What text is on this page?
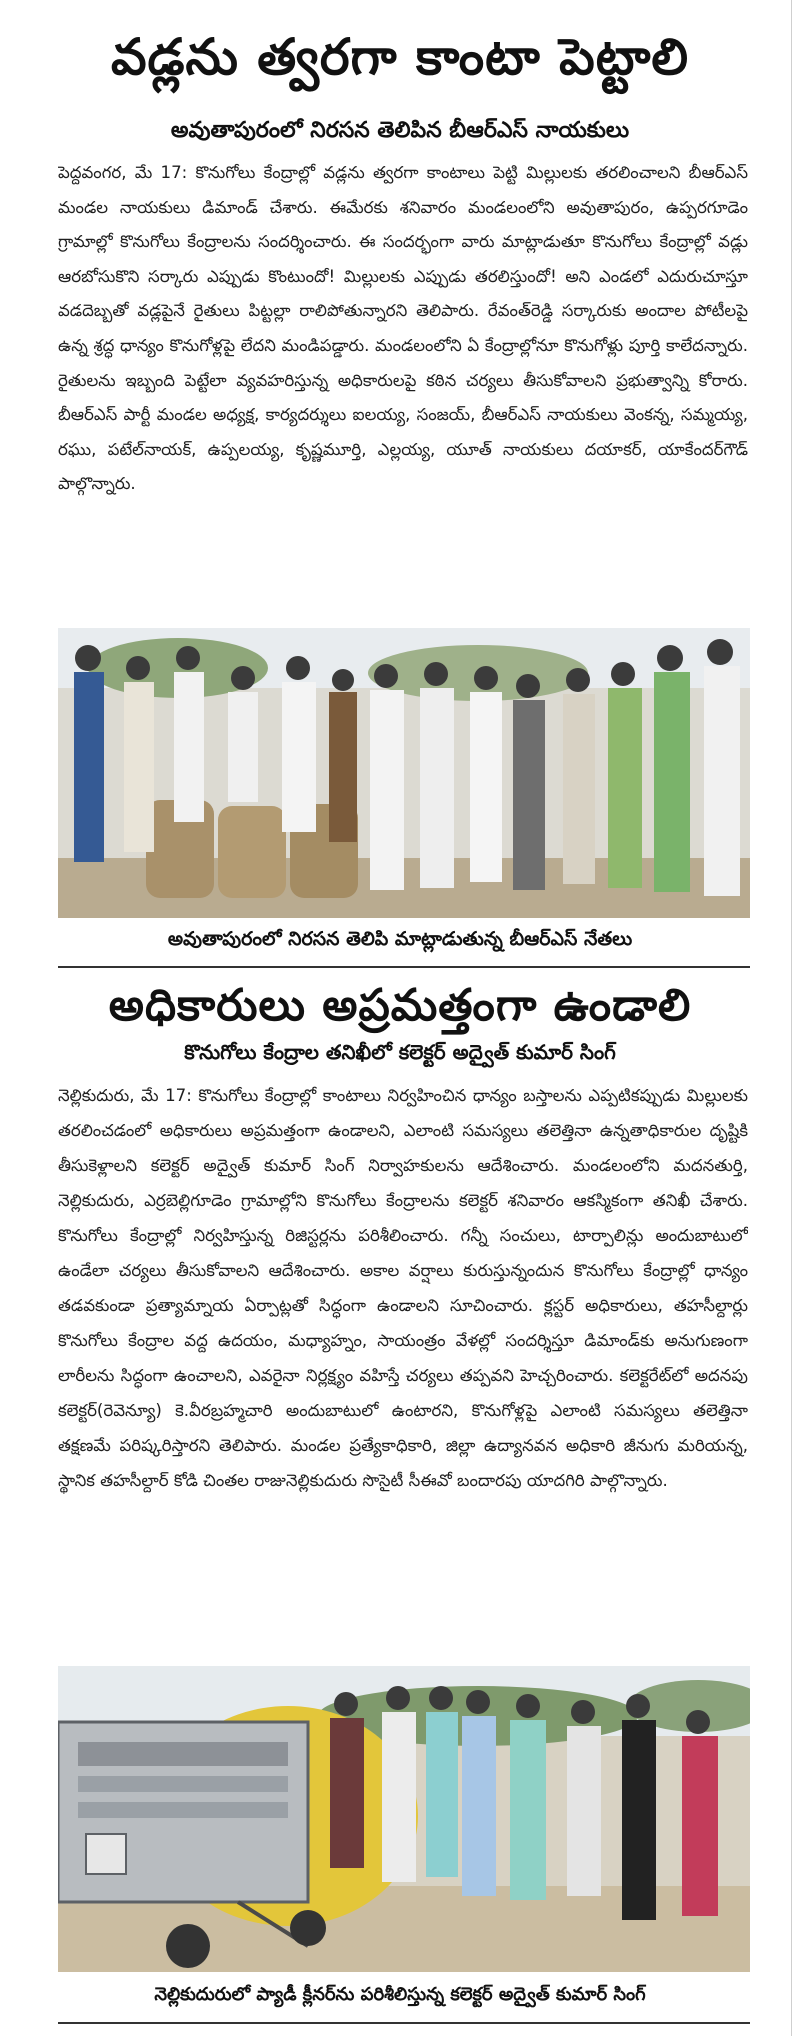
వడ్లను త్వరగా కాంటా పెట్టాలి
అవుతాపురంలో నిరసన తెలిపిన బీఆర్ఎస్ నాయకులు

పెద్దవంగర, మే 17: కొనుగోలు కేంద్రాల్లో వడ్లను త్వరగా కాంటాలు పెట్టి మిల్లులకు తరలించాలని బీఆర్ఎస్ మండల నాయకులు డిమాండ్ చేశారు. ఈమేరకు శనివారం మండలంలోని అవుతాపురం, ఉప్పరగూడెం గ్రామాల్లో కొనుగోలు కేంద్రాలను సందర్శించారు. ఈ సందర్భంగా వారు మాట్లాడుతూ కొనుగోలు కేంద్రాల్లో వడ్లు ఆరబోసుకొని సర్కారు ఎప్పుడు కొంటుందో! మిల్లులకు ఎప్పుడు తరలిస్తుందో! అని ఎండలో ఎదురుచూస్తూ వడదెబ్బతో వడ్లపైనే రైతులు పిట్టల్లా రాలిపోతున్నారని తెలిపారు. రేవంత్‌రెడ్డి సర్కారుకు అందాల పోటీలపై ఉన్న శ్రద్ధ ధాన్యం కొనుగోళ్లపై లేదని మండిపడ్డారు. మండలంలోని ఏ కేంద్రాల్లోనూ కొనుగోళ్లు పూర్తి కాలేదన్నారు. రైతులను ఇబ్బంది పెట్టేలా వ్యవహరిస్తున్న అధికారులపై కఠిన చర్యలు తీసుకోవాలని ప్రభుత్వాన్ని కోరారు. బీఆర్ఎస్ పార్టీ మండల అధ్యక్ష, కార్యదర్శులు ఐలయ్య, సంజయ్, బీఆర్ఎస్ నాయకులు వెంకన్న, సమ్మయ్య, రఘు, పటేల్‌నాయక్, ఉప్పలయ్య, కృష్ణమూర్తి, ఎల్లయ్య, యూత్ నాయకులు దయాకర్, యాకేందర్‌గౌడ్ పాల్గొన్నారు.

అవుతాపురంలో నిరసన తెలిపి మాట్లాడుతున్న బీఆర్ఎస్ నేతలు
అధికారులు అప్రమత్తంగా ఉండాలి
కొనుగోలు కేంద్రాల తనిఖీలో కలెక్టర్ అద్వైత్ కుమార్ సింగ్

నెల్లికుదురు, మే 17: కొనుగోలు కేంద్రాల్లో కాంటాలు నిర్వహించిన ధాన్యం బస్తాలను ఎప్పటికప్పుడు మిల్లులకు తరలించడంలో అధికారులు అప్రమత్తంగా ఉండాలని, ఎలాంటి సమస్యలు తలెత్తినా ఉన్నతాధికారుల దృష్టికి తీసుకెళ్లాలని కలెక్టర్ అద్వైత్ కుమార్ సింగ్ నిర్వాహకులను ఆదేశించారు. మండలంలోని మదనతుర్తి, నెల్లికుదురు, ఎర్రబెల్లిగూడెం గ్రామాల్లోని కొనుగోలు కేంద్రాలను కలెక్టర్ శనివారం ఆకస్మికంగా తనిఖీ చేశారు. కొనుగోలు కేంద్రాల్లో నిర్వహిస్తున్న రిజిస్టర్లను పరిశీలించారు. గన్నీ సంచులు, టార్పాలిన్లు అందుబాటులో ఉండేలా చర్యలు తీసుకోవాలని ఆదేశించారు. అకాల వర్షాలు కురుస్తున్నందున కొనుగోలు కేంద్రాల్లో ధాన్యం తడవకుండా ప్రత్యామ్నాయ ఏర్పాట్లతో సిద్ధంగా ఉండాలని సూచించారు. క్లస్టర్ అధికారులు, తహసీల్దార్లు కొనుగోలు కేంద్రాల వద్ద ఉదయం, మధ్యాహ్నం, సాయంత్రం వేళల్లో సందర్శిస్తూ డిమాండ్‌కు అనుగుణంగా లారీలను సిద్ధంగా ఉంచాలని, ఎవరైనా నిర్లక్ష్యం వహిస్తే చర్యలు తప్పవని హెచ్చరించారు. కలెక్టరేట్‌లో అదనపు కలెక్టర్(రెవెన్యూ) కె.వీరబ్రహ్మచారి అందుబాటులో ఉంటారని, కొనుగోళ్లపై ఎలాంటి సమస్యలు తలెత్తినా తక్షణమే పరిష్కరిస్తారని తెలిపారు. మండల ప్రత్యేకాధికారి, జిల్లా ఉద్యానవన అధికారి జీనుగు మరియన్న, స్థానిక తహసీల్దార్ కోడి చింతల రాజునెల్లికుదురు సొసైటీ సీఈవో బందారపు యాదగిరి పాల్గొన్నారు.

నెల్లికుదురులో ప్యాడీ క్లీనర్‌ను పరిశీలిస్తున్న కలెక్టర్ అద్వైత్ కుమార్ సింగ్
